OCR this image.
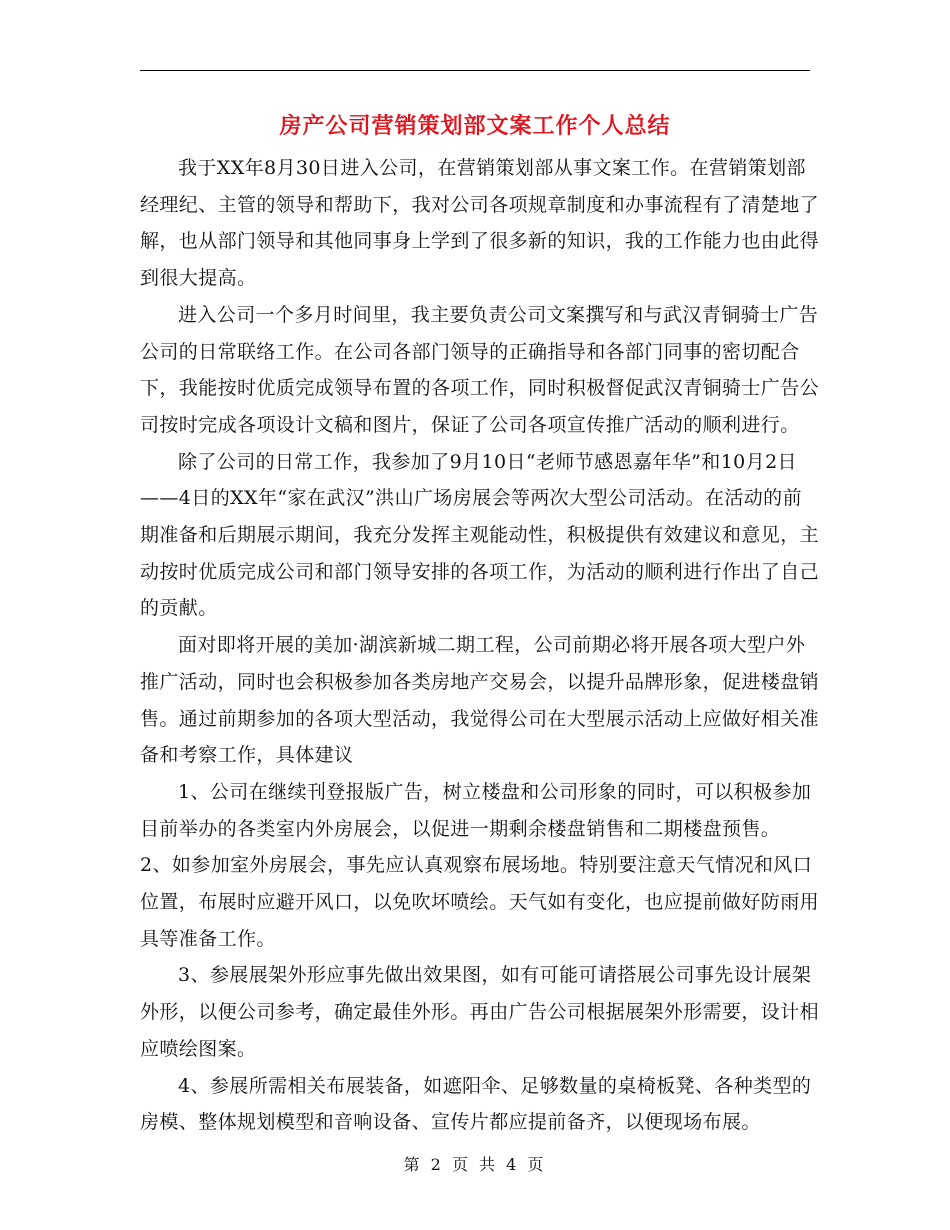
房产公司营销策划部文案工作个人总结

我于XX年8月30日进入公司，在营销策划部从事文案工作。在营销策划部经理纪、主管的领导和帮助下，我对公司各项规章制度和办事流程有了清楚地了解，也从部门领导和其他同事身上学到了很多新的知识，我的工作能力也由此得到很大提高。

进入公司一个多月时间里，我主要负责公司文案撰写和与武汉青铜骑士广告公司的日常联络工作。在公司各部门领导的正确指导和各部门同事的密切配合下，我能按时优质完成领导布置的各项工作，同时积极督促武汉青铜骑士广告公司按时完成各项设计文稿和图片，保证了公司各项宣传推广活动的顺利进行。

除了公司的日常工作，我参加了9月10日“老师节感恩嘉年华”和10月2日——4日的XX年“家在武汉”洪山广场房展会等两次大型公司活动。在活动的前期准备和后期展示期间，我充分发挥主观能动性，积极提供有效建议和意见，主动按时优质完成公司和部门领导安排的各项工作，为活动的顺利进行作出了自己的贡献。

面对即将开展的美加·湖滨新城二期工程，公司前期必将开展各项大型户外推广活动，同时也会积极参加各类房地产交易会，以提升品牌形象，促进楼盘销售。通过前期参加的各项大型活动，我觉得公司在大型展示活动上应做好相关准备和考察工作，具体建议

1、公司在继续刊登报版广告，树立楼盘和公司形象的同时，可以积极参加目前举办的各类室内外房展会，以促进一期剩余楼盘销售和二期楼盘预售。    2、如参加室外房展会，事先应认真观察布展场地。特别要注意天气情况和风口位置，布展时应避开风口，以免吹坏喷绘。天气如有变化，也应提前做好防雨用具等准备工作。

3、参展展架外形应事先做出效果图，如有可能可请搭展公司事先设计展架外形，以便公司参考，确定最佳外形。再由广告公司根据展架外形需要，设计相应喷绘图案。

4、参展所需相关布展装备，如遮阳伞、足够数量的桌椅板凳、各种类型的房模、整体规划模型和音响设备、宣传片都应提前备齐，以便现场布展。

第 2 页 共 4 页
